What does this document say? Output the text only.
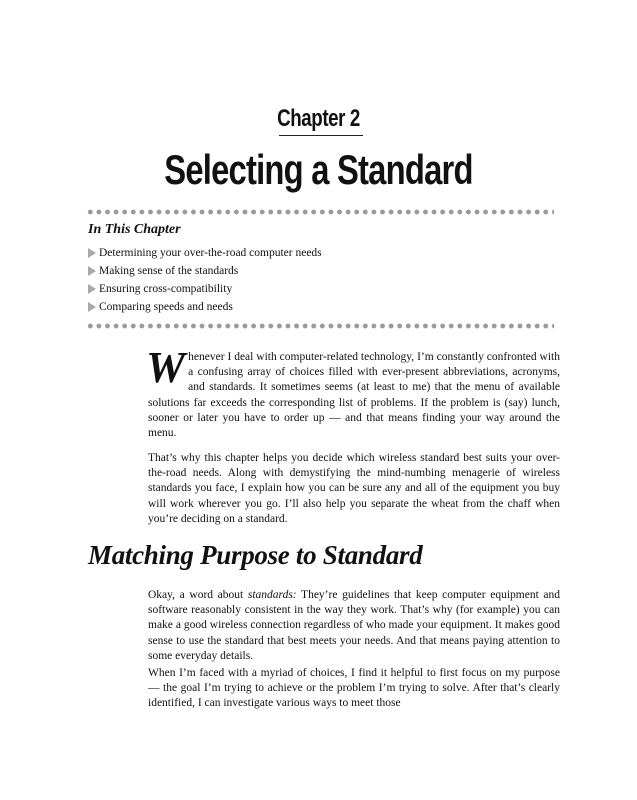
Chapter 2
Selecting a Standard
In This Chapter
Determining your over-the-road computer needs
Making sense of the standards
Ensuring cross-compatibility
Comparing speeds and needs

Whenever I deal with computer-related technology, I’m constantly confronted with a confusing array of choices filled with ever-present abbreviations, acronyms, and standards. It sometimes seems (at least to me) that the menu of available solutions far exceeds the corresponding list of problems. If the problem is (say) lunch, sooner or later you have to order up — and that means finding your way around the menu.

That’s why this chapter helps you decide which wireless standard best suits your over-the-road needs. Along with demystifying the mind-numbing menagerie of wireless standards you face, I explain how you can be sure any and all of the equipment you buy will work wherever you go. I’ll also help you separate the wheat from the chaff when you’re deciding on a standard.

Matching Purpose to Standard

Okay, a word about standards: They’re guidelines that keep computer equipment and software reasonably consistent in the way they work. That’s why (for example) you can make a good wireless connection regardless of who made your equipment. It makes good sense to use the standard that best meets your needs. And that means paying attention to some everyday details.

When I’m faced with a myriad of choices, I find it helpful to first focus on my purpose — the goal I’m trying to achieve or the problem I’m trying to solve. After that’s clearly identified, I can investigate various ways to meet those
